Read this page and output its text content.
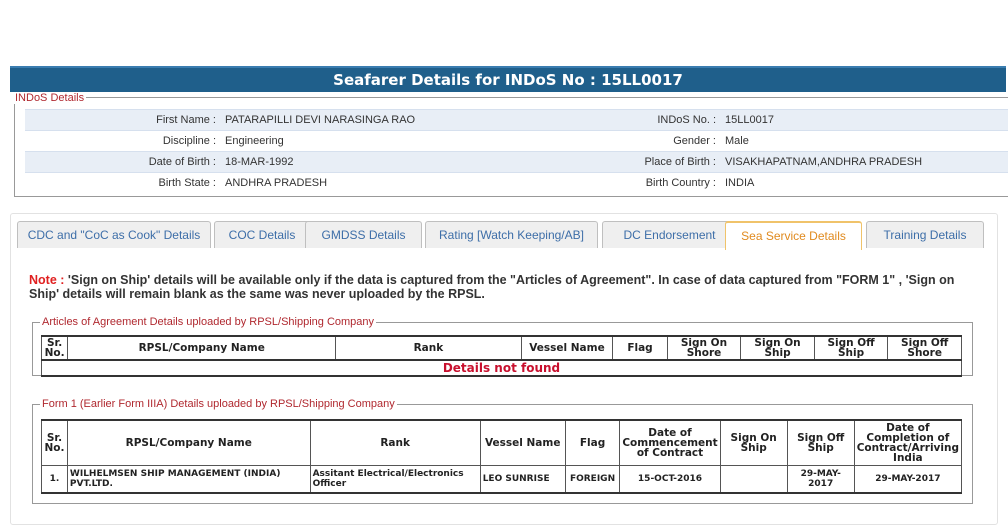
Seafarer Details for INDoS No : 15LL0017
INDoS Details
First Name :	PATARAPILLI DEVI NARASINGA RAO	INDoS No. :	15LL0017
Discipline :	Engineering	Gender :	Male
Date of Birth :	18-MAR-1992	Place of Birth :	VISAKHAPATNAM,ANDHRA PRADESH
Birth State :	ANDHRA PRADESH	Birth Country :	INDIA
CDC and "CoC as Cook" Details	COC Details	GMDSS Details	Rating [Watch Keeping/AB]	DC Endorsement	Sea Service Details	Training Details
Note : 'Sign on Ship' details will be available only if the data is captured from the "Articles of Agreement". In case of data captured from "FORM 1" , 'Sign on Ship' details will remain blank as the same was never uploaded by the RPSL.
Articles of Agreement Details uploaded by RPSL/Shipping Company
Sr. No.	RPSL/Company Name	Rank	Vessel Name	Flag	Sign On Shore	Sign On Ship	Sign Off Ship	Sign Off Shore
Details not found
Form 1 (Earlier Form IIIA) Details uploaded by RPSL/Shipping Company
Sr. No.	RPSL/Company Name	Rank	Vessel Name	Flag	Date of Commencement of Contract	Sign On Ship	Sign Off Ship	Date of Completion of Contract/Arriving India
1.	WILHELMSEN SHIP MANAGEMENT (INDIA) PVT.LTD.	Assitant Electrical/Electronics Officer	LEO SUNRISE	FOREIGN	15-OCT-2016		29-MAY-2017	29-MAY-2017
